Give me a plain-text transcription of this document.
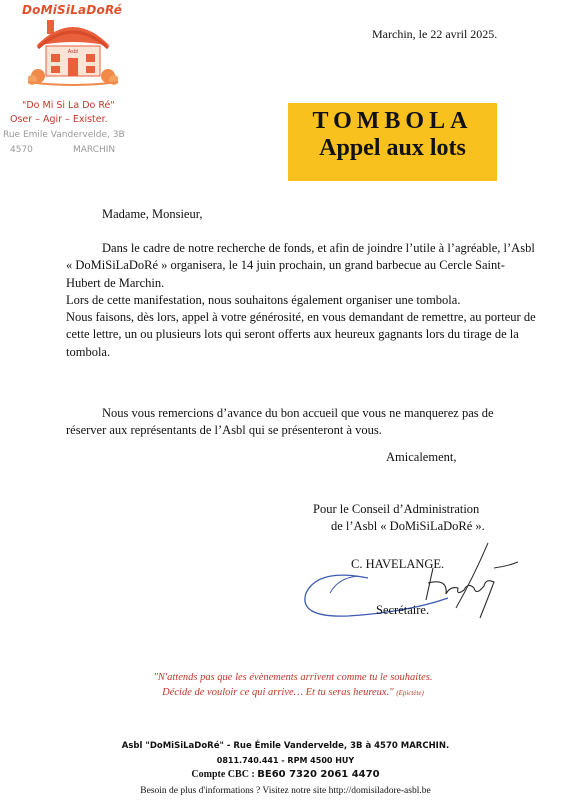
DoMiSiLaDoRé
Asbl
"Do Mi Si La Do Ré"
Oser – Agir – Exister.
Rue Emile Vandervelde, 3B
4570	MARCHIN
Marchin, le 22 avril 2025.
TOMBOLA
Appel aux lots
Madame, Monsieur,
Dans le cadre de notre recherche de fonds, et afin de joindre l’utile à l’agréable, l’Asbl « DoMiSiLaDoRé » organisera, le 14 juin prochain, un grand barbecue au Cercle Saint-Hubert de Marchin.
Lors de cette manifestation, nous souhaitons également organiser une tombola.
Nous faisons, dès lors, appel à votre générosité, en vous demandant de remettre, au porteur de cette lettre, un ou plusieurs lots qui seront offerts aux heureux gagnants lors du tirage de la tombola.
Nous vous remercions d’avance du bon accueil que vous ne manquerez pas de réserver aux représentants de l’Asbl qui se présenteront à vous.
Amicalement,
Pour le Conseil d’Administration
de l’Asbl « DoMiSiLaDoRé ».
C. HAVELANGE.
Secrétaire.
"N'attends pas que les évènements arrivent comme tu le souhaites. Décide de vouloir ce qui arrive… Et tu seras heureux." (Epictète)
Asbl "DoMiSiLaDoRé" - Rue Émile Vandervelde, 3B à 4570 MARCHIN.
0811.740.441 - RPM 4500 HUY
Compte CBC : BE60 7320 2061 4470
Besoin de plus d'informations ? Visitez notre site http://domisiladore-asbl.be
